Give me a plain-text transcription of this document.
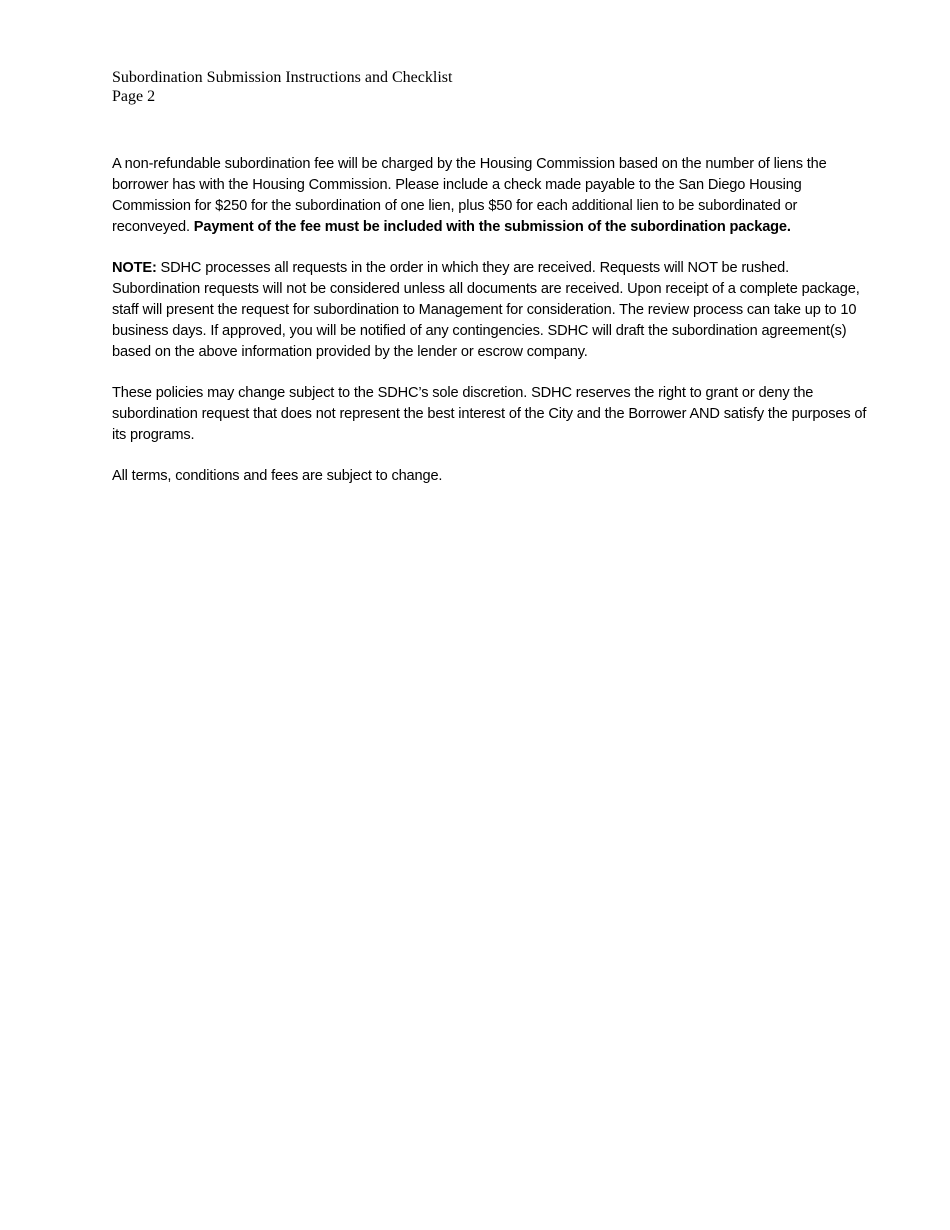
Subordination Submission Instructions and Checklist
Page 2

A non-refundable subordination fee will be charged by the Housing Commission based on the number of liens the borrower has with the Housing Commission. Please include a check made payable to the San Diego Housing Commission for $250 for the subordination of one lien, plus $50 for each additional lien to be subordinated or reconveyed. Payment of the fee must be included with the submission of the subordination package.

NOTE: SDHC processes all requests in the order in which they are received. Requests will NOT be rushed. Subordination requests will not be considered unless all documents are received. Upon receipt of a complete package, staff will present the request for subordination to Management for consideration. The review process can take up to 10 business days. If approved, you will be notified of any contingencies. SDHC will draft the subordination agreement(s) based on the above information provided by the lender or escrow company.

These policies may change subject to the SDHC’s sole discretion. SDHC reserves the right to grant or deny the subordination request that does not represent the best interest of the City and the Borrower AND satisfy the purposes of its programs.

All terms, conditions and fees are subject to change.
